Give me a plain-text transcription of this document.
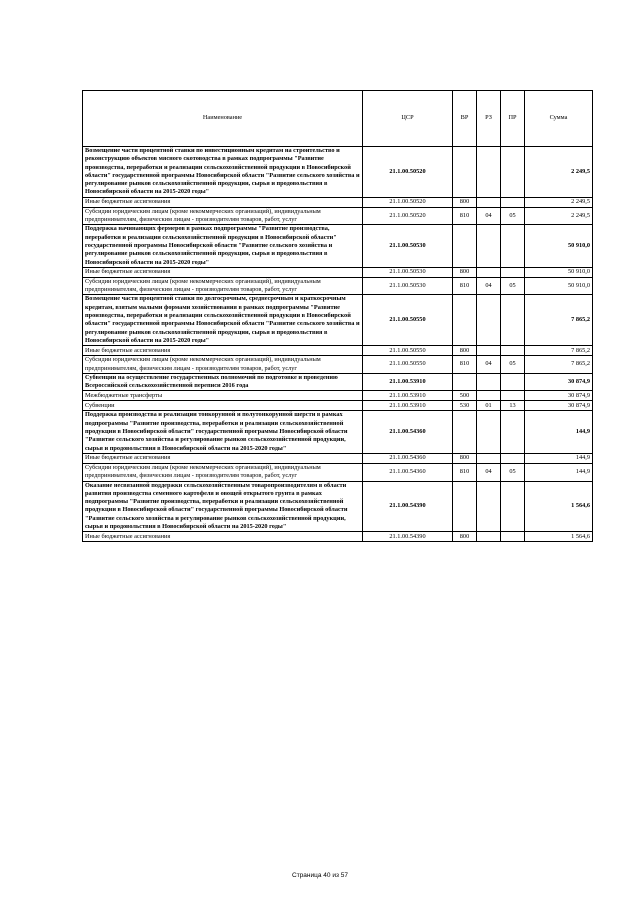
Наименование	ЦСР	ВР	РЗ	ПР	Сумма
Возмещение части процентной ставки по инвестиционным кредитам на строительство и реконструкцию объектов мясного скотоводства в рамках подпрограммы "Развитие производства, переработки и реализации сельскохозяйственной продукции в Новосибирской области" государственной программы Новосибирской области "Развитие сельского хозяйства и регулирование рынков сельскохозяйственной продукции, сырья и продовольствия в Новосибирской области на 2015-2020 годы"	21.1.00.50520				2 249,5
Иные бюджетные ассигнования	21.1.00.50520	800			2 249,5
Субсидии юридическим лицам (кроме некоммерческих организаций), индивидуальным предпринимателям, физическим лицам - производителям товаров, работ, услуг	21.1.00.50520	810	04	05	2 249,5
Поддержка начинающих фермеров в рамках подпрограммы "Развитие производства, переработки и реализации сельскохозяйственной продукции в Новосибирской области" государственной программы Новосибирской области "Развитие сельского хозяйства и регулирование рынков сельскохозяйственной продукции, сырья и продовольствия в Новосибирской области на 2015-2020 годы"	21.1.00.50530				50 910,0
Иные бюджетные ассигнования	21.1.00.50530	800			50 910,0
Субсидии юридическим лицам (кроме некоммерческих организаций), индивидуальным предпринимателям, физическим лицам - производителям товаров, работ, услуг	21.1.00.50530	810	04	05	50 910,0
Возмещение части процентной ставки по долгосрочным, среднесрочным и краткосрочным кредитам, взятым малыми формами хозяйствования в рамках подпрограммы "Развитие производства, переработки и реализации сельскохозяйственной продукции в Новосибирской области" государственной программы Новосибирской области "Развитие сельского хозяйства и регулирование рынков сельскохозяйственной продукции, сырья и продовольствия в Новосибирской области на 2015-2020 годы"	21.1.00.50550				7 865,2
Иные бюджетные ассигнования	21.1.00.50550	800			7 865,2
Субсидии юридическим лицам (кроме некоммерческих организаций), индивидуальным предпринимателям, физическим лицам - производителям товаров, работ, услуг	21.1.00.50550	810	04	05	7 865,2
Субвенции на осуществление государственных полномочий по подготовке и проведению Всероссийской сельскохозяйственной переписи 2016 года	21.1.00.53910				30 874,9
Межбюджетные трансферты	21.1.00.53910	500			30 874,9
Субвенции	21.1.00.53910	530	01	13	30 874,9
Поддержка производства и реализации тонкорунной и полутонкорунной шерсти в рамках подпрограммы "Развитие производства, переработки и реализации сельскохозяйственной продукции в Новосибирской области" государственной программы Новосибирской области "Развитие сельского хозяйства и регулирование рынков сельскохозяйственной продукции, сырья и продовольствия в Новосибирской области на 2015-2020 годы"	21.1.00.54360				144,9
Иные бюджетные ассигнования	21.1.00.54360	800			144,9
Субсидии юридическим лицам (кроме некоммерческих организаций), индивидуальным предпринимателям, физическим лицам - производителям товаров, работ, услуг	21.1.00.54360	810	04	05	144,9
Оказание несвязанной поддержки сельскохозяйственным товаропроизводителям в области развития производства семенного картофеля и овощей открытого грунта в рамках подпрограммы "Развитие производства, переработки и реализации сельскохозяйственной продукции в Новосибирской области" государственной программы Новосибирской области "Развитие сельского хозяйства и регулирование рынков сельскохозяйственной продукции, сырья и продовольствия в Новосибирской области на 2015-2020 годы"	21.1.00.54390				1 564,6
Иные бюджетные ассигнования	21.1.00.54390	800			1 564,6
Страница 40 из 57
